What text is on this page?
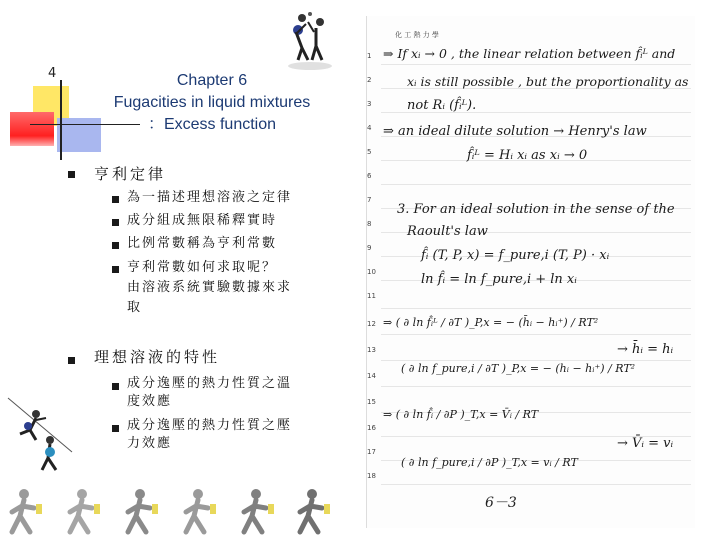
4	Chapter 6
Fugacities in liquid mixtures
：Excess function
亨利定律
為一描述理想溶液之定律
成分組成無限稀釋實時
比例常數稱為亨利常數
亨利常數如何求取呢？
由溶液系統實驗數據來求
取
理想溶液的特性
成分逸壓的熱力性質之溫
度效應
成分逸壓的熱力性質之壓
力效應
化 工 熱 力 學
1
2
3
4
5
6
7
8
9
10
11
12
13
14
15
16
17
18
⇒ If xᵢ → 0 , the linear relation between f̂ᵢᴸ and
xᵢ is still possible , but the proportionality as
not Rᵢ (f̂ᵢᴸ).
⇒ an ideal dilute solution → Henry's law
f̂ᵢᴸ = Hᵢ xᵢ as xᵢ → 0
3. For an ideal solution in the sense of the
Raoult's law
f̂ᵢ (T, P, x) = f_pure,i (T, P) · xᵢ
ln f̂ᵢ = ln f_pure,i + ln xᵢ
⇒ ( ∂ ln f̂ᵢᴸ / ∂T )_P,x = − (h̄ᵢ − hᵢ⁺) / RT²
( ∂ ln f_pure,i / ∂T )_P,x = − (hᵢ − hᵢ⁺) / RT²
→ h̄ᵢ = hᵢ
⇒ ( ∂ ln f̂ᵢ / ∂P )_T,x = V̄ᵢ / RT
( ∂ ln f_pure,i / ∂P )_T,x = vᵢ / RT
→ V̄ᵢ = vᵢ
6－3
